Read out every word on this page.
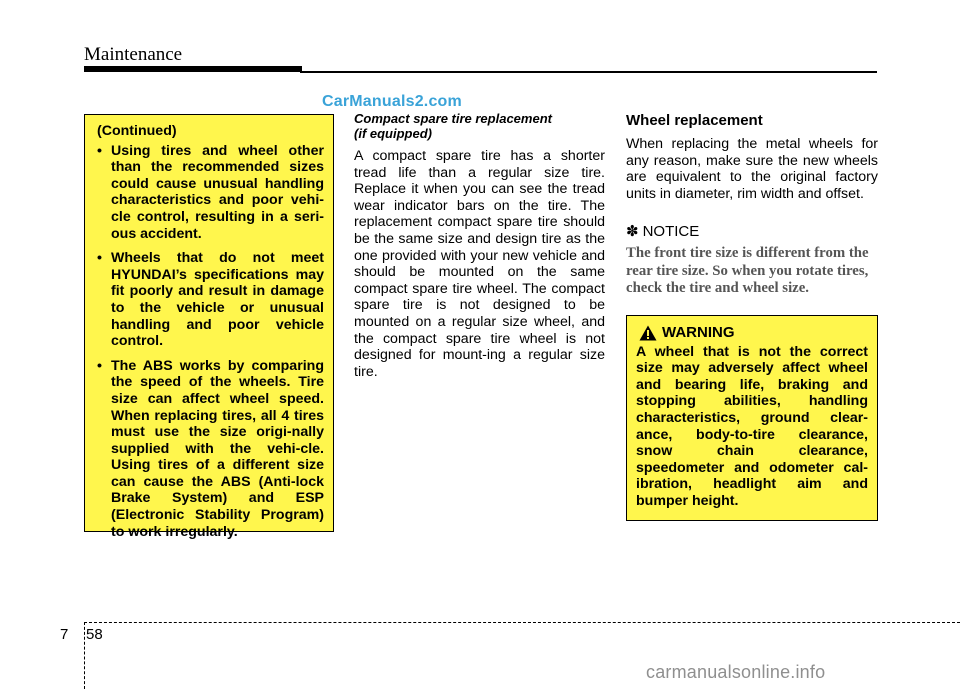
Maintenance
CarManuals2.com
(Continued)
• Using tires and wheel other than the recommended sizes could cause unusual handling characteristics and poor vehi-cle control, resulting in a seri-ous accident.
• Wheels that do not meet HYUNDAI’s specifications may fit poorly and result in damage to the vehicle or unusual handling and poor vehicle control.
• The ABS works by comparing the speed of the wheels. Tire size can affect wheel speed. When replacing tires, all 4 tires must use the size origi-nally supplied with the vehi-cle. Using tires of a different size can cause the ABS (Anti-lock Brake System) and ESP (Electronic Stability Program) to work irregularly.
Compact spare tire replacement
(if equipped)
A compact spare tire has a shorter tread life than a regular size tire. Replace it when you can see the tread wear indicator bars on the tire. The replacement compact spare tire should be the same size and design tire as the one provided with your new vehicle and should be mounted on the same compact spare tire wheel. The compact spare tire is not designed to be mounted on a regular size wheel, and the compact spare tire wheel is not designed for mount-ing a regular size tire.
Wheel replacement
When replacing the metal wheels for any reason, make sure the new wheels are equivalent to the original factory units in diameter, rim width and offset.
✽ NOTICE
The front tire size is different from the rear tire size. So when you rotate tires, check the tire and wheel size.
WARNING
A wheel that is not the correct size may adversely affect wheel and bearing life, braking and stopping abilities, handling characteristics, ground clear-ance, body-to-tire clearance, snow chain clearance, speedometer and odometer cal-ibration, headlight aim and bumper height.
7 58
carmanualsonline.info
